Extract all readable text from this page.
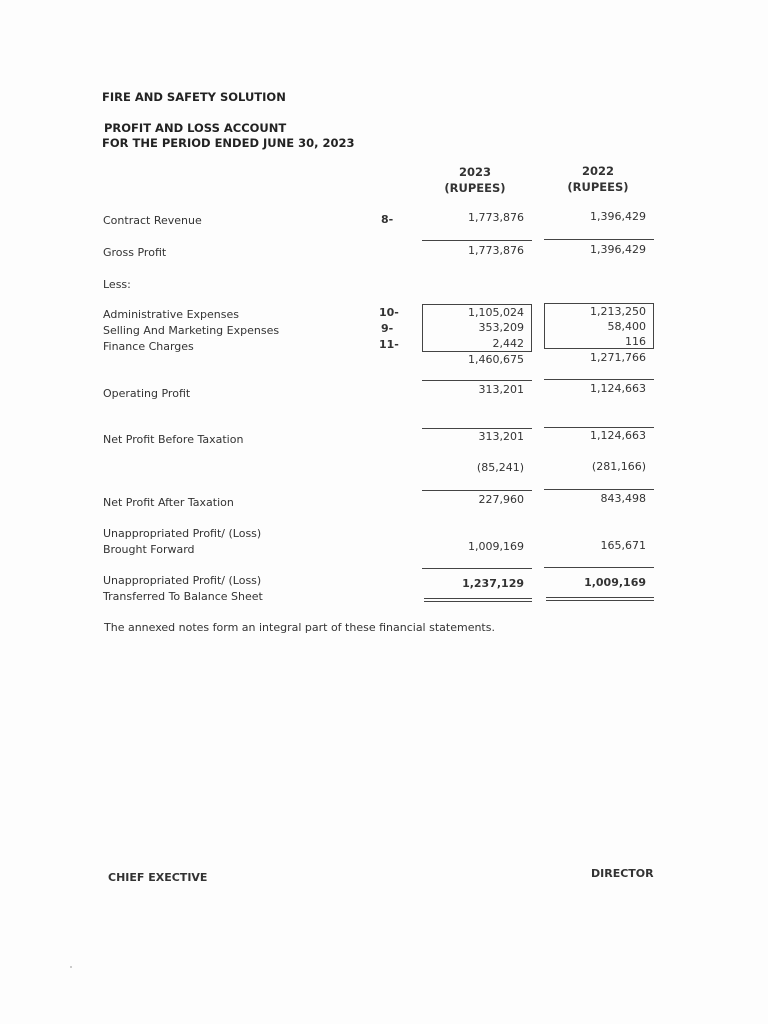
FIRE AND SAFETY SOLUTION
PROFIT AND LOSS ACCOUNT
FOR THE PERIOD ENDED JUNE 30, 2023
2023
(RUPEES)
2022
(RUPEES)
Contract Revenue	8-	1,773,876	1,396,429
Gross Profit	1,773,876	1,396,429
Less:
Administrative Expenses	10-	1,105,024	1,213,250
Selling And Marketing Expenses	9-	353,209	58,400
Finance Charges	11-	2,442	116
1,460,675	1,271,766
Operating Profit	313,201	1,124,663
Net Profit Before Taxation	313,201	1,124,663
(85,241)	(281,166)
Net Profit After Taxation	227,960	843,498
Unappropriated Profit/ (Loss)
Brought Forward	1,009,169	165,671
Unappropriated Profit/ (Loss)
Transferred To Balance Sheet
1,237,129	1,009,169
The annexed notes form an integral part of these financial statements.
CHIEF EXECTIVE	DIRECTOR
